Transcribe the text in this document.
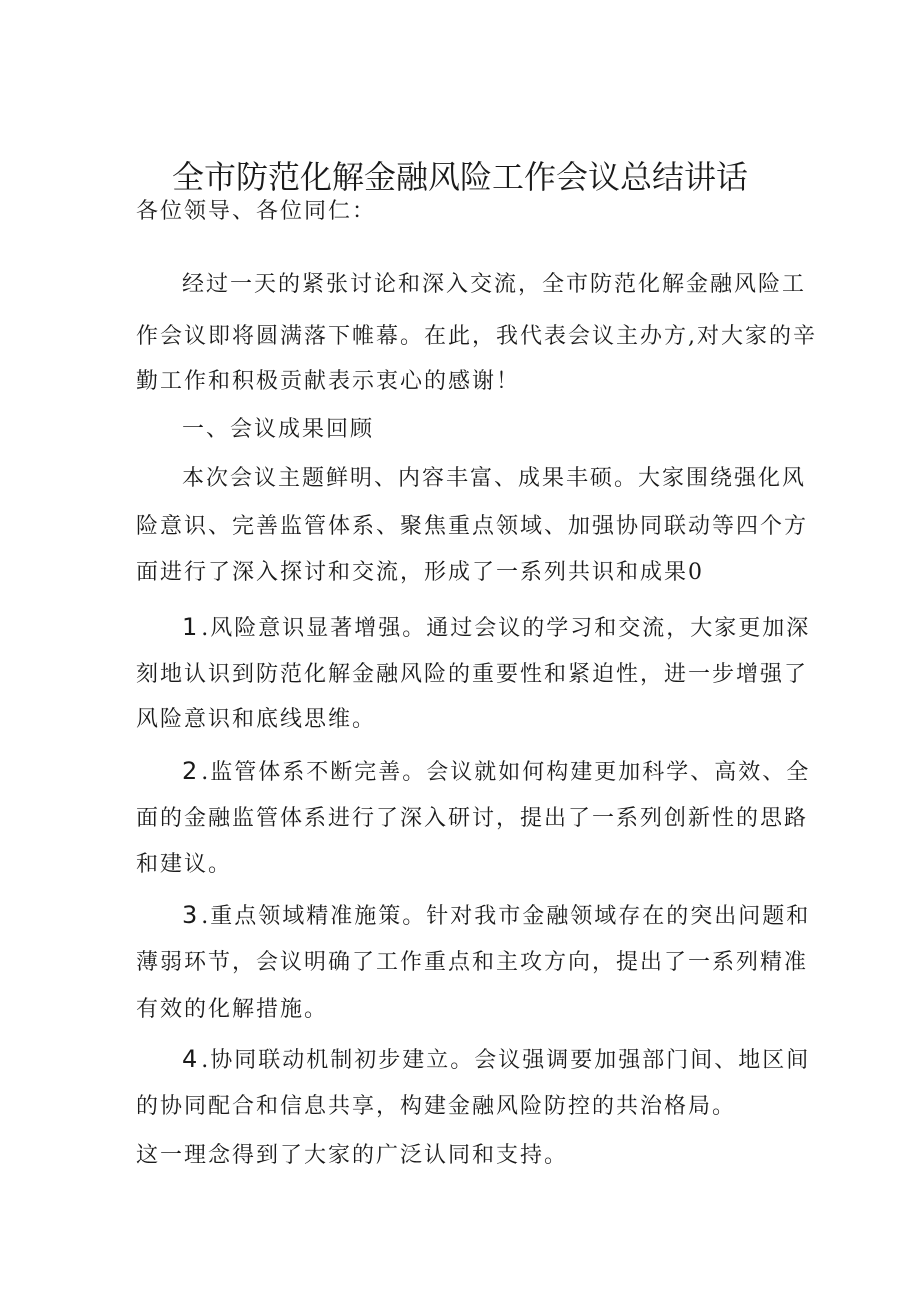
全市防范化解金融风险工作会议总结讲话

各位领导、各位同仁：

经过一天的紧张讨论和深入交流，全市防范化解金融风险工

作会议即将圆满落下帷幕。在此，我代表会议主办方,对大家的辛

勤工作和积极贡献表示衷心的感谢！

一、会议成果回顾

本次会议主题鲜明、内容丰富、成果丰硕。大家围绕强化风

险意识、完善监管体系、聚焦重点领域、加强协同联动等四个方

面进行了深入探讨和交流，形成了一系列共识和成果0

1 .风险意识显著增强。通过会议的学习和交流，大家更加深

刻地认识到防范化解金融风险的重要性和紧迫性，进一步增强了

风险意识和底线思维。

2 .监管体系不断完善。会议就如何构建更加科学、高效、全

面的金融监管体系进行了深入研讨，提出了一系列创新性的思路

和建议。

3 .重点领域精准施策。针对我市金融领域存在的突出问题和

薄弱环节，会议明确了工作重点和主攻方向，提出了一系列精准

有效的化解措施。

4 .协同联动机制初步建立。会议强调要加强部门间、地区间

的协同配合和信息共享，构建金融风险防控的共治格局。

这一理念得到了大家的广泛认同和支持。
